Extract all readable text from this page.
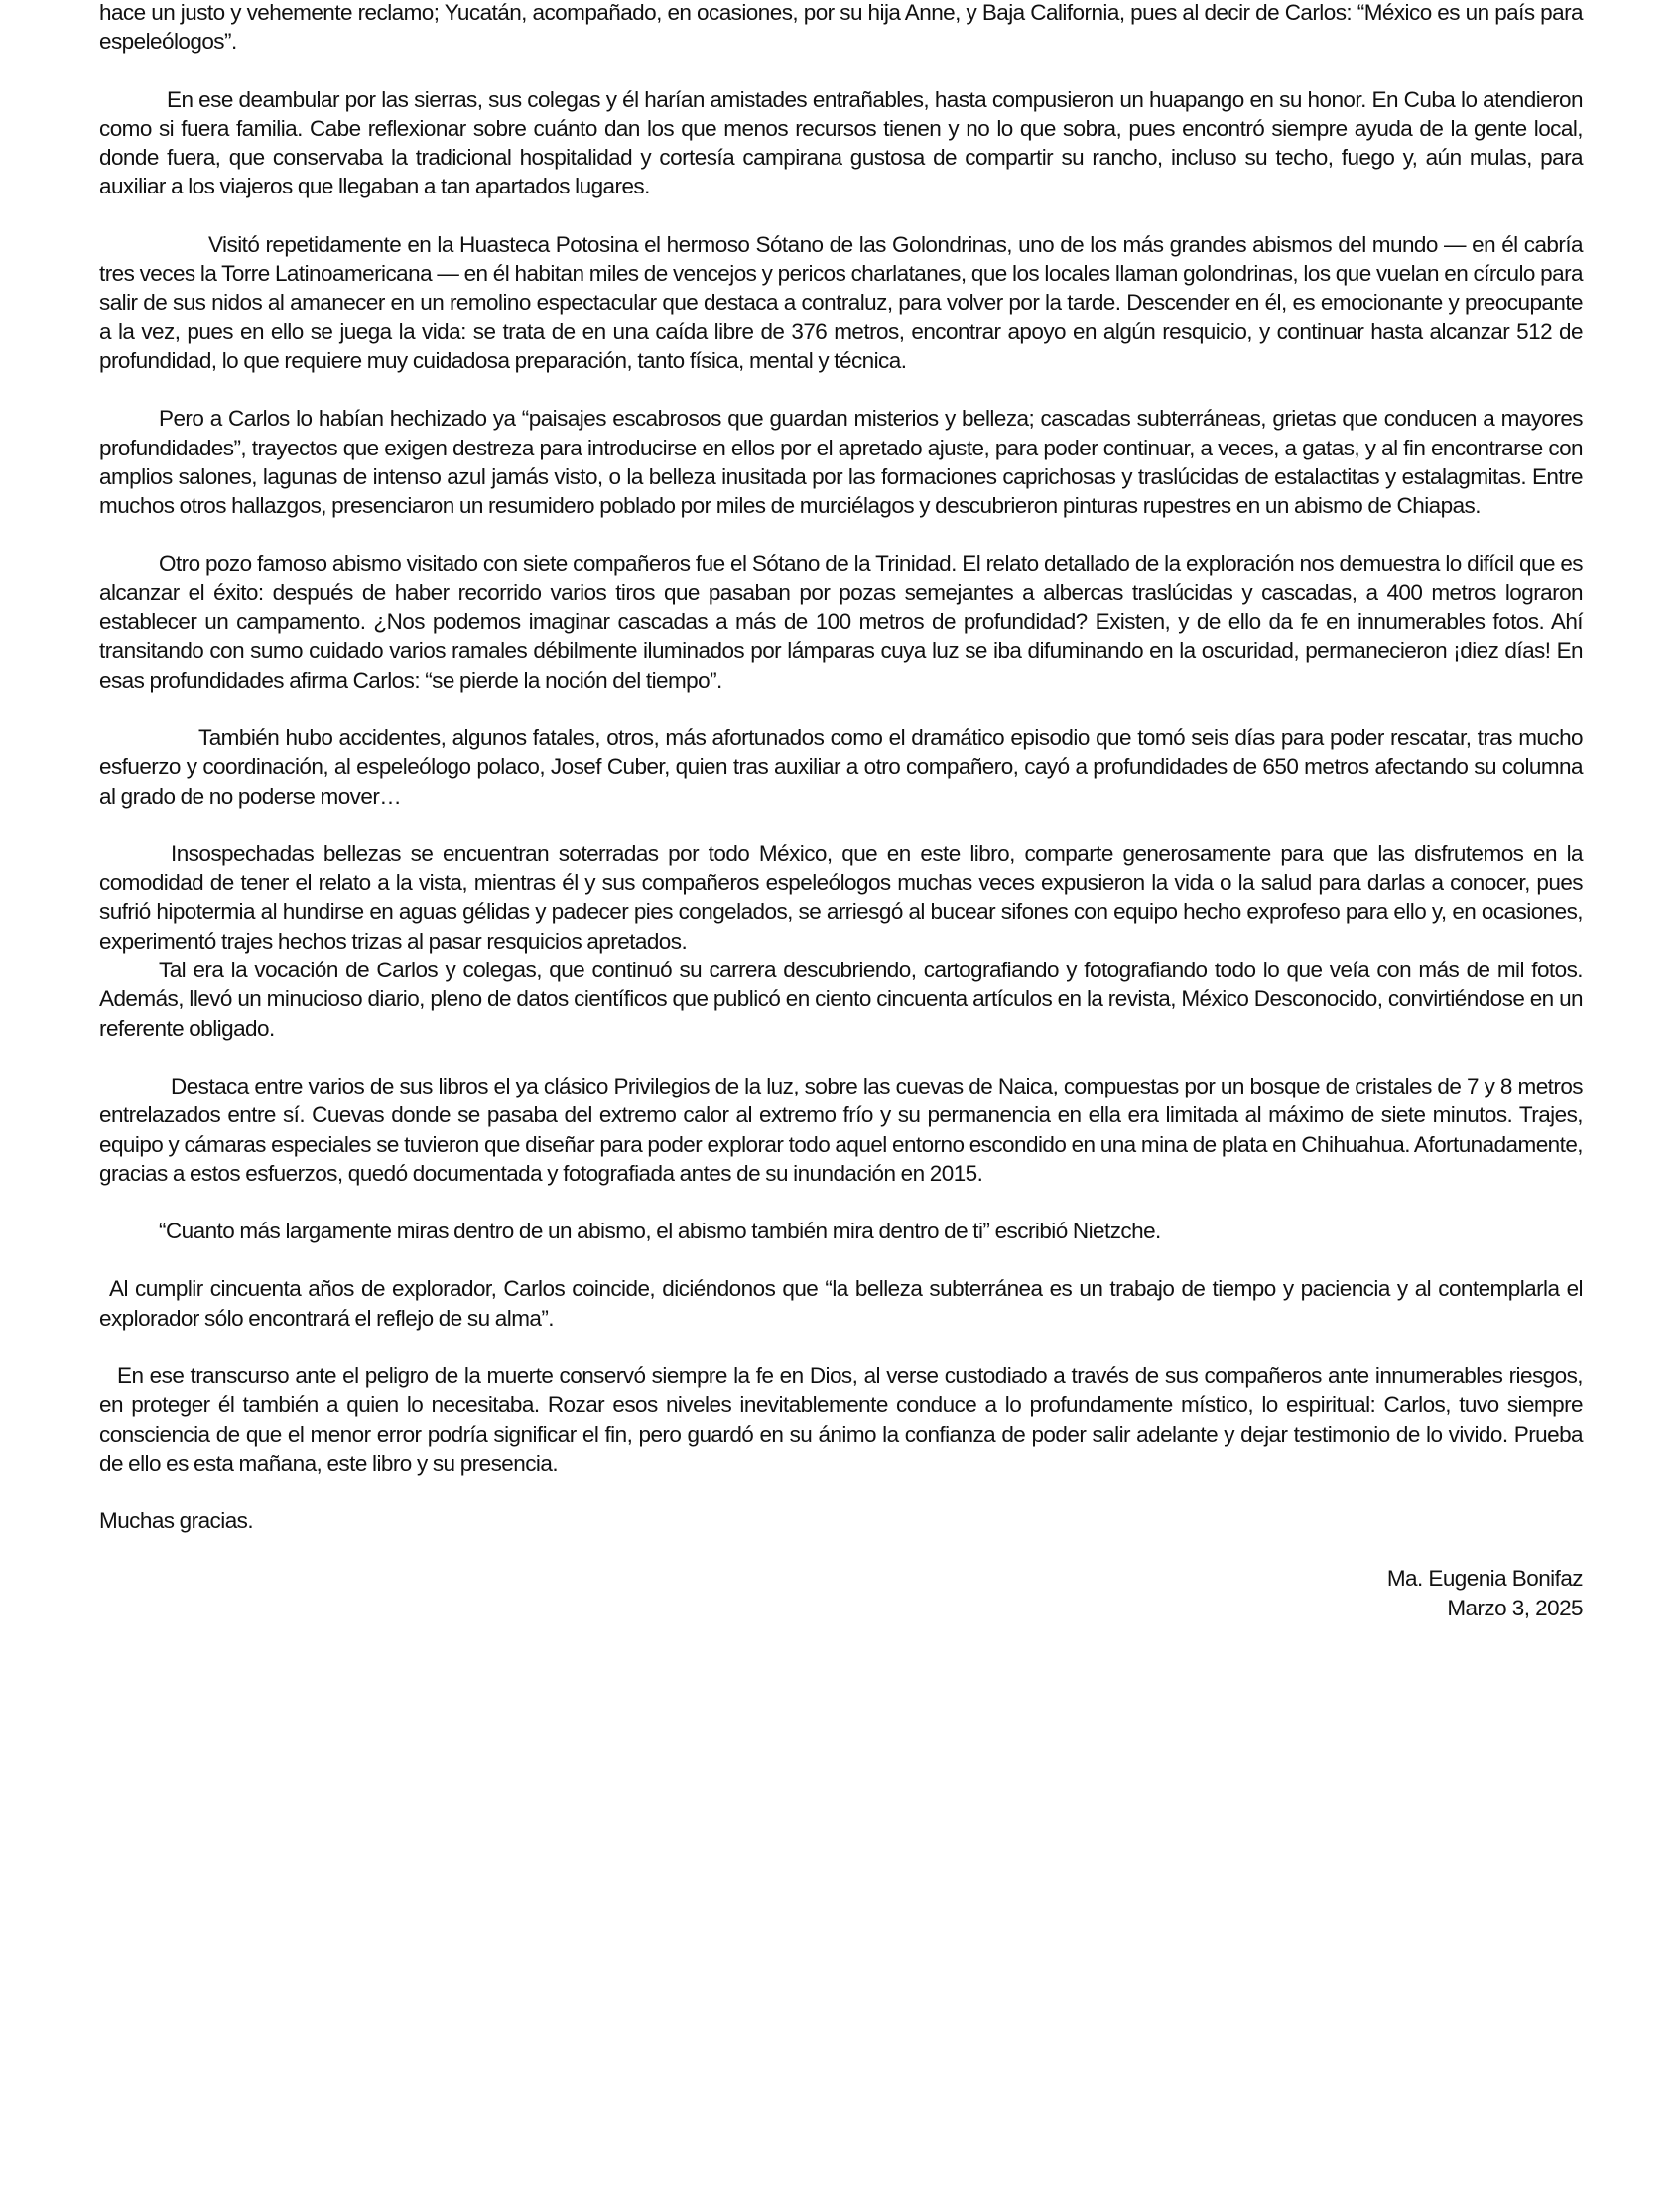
hace un justo y vehemente reclamo; Yucatán, acompañado, en ocasiones, por su hija Anne, y Baja California, pues al decir de Carlos: “México es un país para espeleólogos”.

En ese deambular por las sierras, sus colegas y él harían amistades entrañables, hasta compusieron un huapango en su honor. En Cuba lo atendieron como si fuera familia. Cabe reflexionar sobre cuánto dan los que menos recursos tienen y no lo que sobra, pues encontró siempre ayuda de la gente local, donde fuera, que conservaba la tradicional hospitalidad y cortesía campirana gustosa de compartir su rancho, incluso su techo, fuego y, aún mulas, para auxiliar a los viajeros que llegaban a tan apartados lugares.

Visitó repetidamente en la Huasteca Potosina el hermoso Sótano de las Golondrinas, uno de los más grandes abismos del mundo — en él cabría tres veces la Torre Latinoamericana — en él habitan miles de vencejos y pericos charlatanes, que los locales llaman golondrinas, los que vuelan en círculo para salir de sus nidos al amanecer en un remolino espectacular que destaca a contraluz, para volver por la tarde. Descender en él, es emocionante y preocupante a la vez, pues en ello se juega la vida: se trata de en una caída libre de 376 metros, encontrar apoyo en algún resquicio, y continuar hasta alcanzar 512 de profundidad, lo que requiere muy cuidadosa preparación, tanto física, mental y técnica.

Pero a Carlos lo habían hechizado ya “paisajes escabrosos que guardan misterios y belleza; cascadas subterráneas, grietas que conducen a mayores profundidades”, trayectos que exigen destreza para introducirse en ellos por el apretado ajuste, para poder continuar, a veces, a gatas, y al fin encontrarse con amplios salones, lagunas de intenso azul jamás visto, o la belleza inusitada por las formaciones caprichosas y traslúcidas de estalactitas y estalagmitas. Entre muchos otros hallazgos, presenciaron un resumidero poblado por miles de murciélagos y descubrieron pinturas rupestres en un abismo de Chiapas.

Otro pozo famoso abismo visitado con siete compañeros fue el Sótano de la Trinidad. El relato detallado de la exploración nos demuestra lo difícil que es alcanzar el éxito: después de haber recorrido varios tiros que pasaban por pozas semejantes a albercas traslúcidas y cascadas, a 400 metros lograron establecer un campamento. ¿Nos podemos imaginar cascadas a más de 100 metros de profundidad? Existen, y de ello da fe en innumerables fotos. Ahí transitando con sumo cuidado varios ramales débilmente iluminados por lámparas cuya luz se iba difuminando en la oscuridad, permanecieron ¡diez días! En esas profundidades afirma Carlos: “se pierde la noción del tiempo”.

También hubo accidentes, algunos fatales, otros, más afortunados como el dramático episodio que tomó seis días para poder rescatar, tras mucho esfuerzo y coordinación, al espeleólogo polaco, Josef Cuber, quien tras auxiliar a otro compañero, cayó a profundidades de 650 metros afectando su columna al grado de no poderse mover…

Insospechadas bellezas se encuentran soterradas por todo México, que en este libro, comparte generosamente para que las disfrutemos en la comodidad de tener el relato a la vista, mientras él y sus compañeros espeleólogos muchas veces expusieron la vida o la salud para darlas a conocer, pues sufrió hipotermia al hundirse en aguas gélidas y padecer pies congelados, se arriesgó al bucear sifones con equipo hecho exprofeso para ello y, en ocasiones, experimentó trajes hechos trizas al pasar resquicios apretados.

Tal era la vocación de Carlos y colegas, que continuó su carrera descubriendo, cartografiando y fotografiando todo lo que veía con más de mil fotos. Además, llevó un minucioso diario, pleno de datos científicos que publicó en ciento cincuenta artículos en la revista, México Desconocido, convirtiéndose en un referente obligado.

Destaca entre varios de sus libros el ya clásico Privilegios de la luz, sobre las cuevas de Naica, compuestas por un bosque de cristales de 7 y 8 metros entrelazados entre sí. Cuevas donde se pasaba del extremo calor al extremo frío y su permanencia en ella era limitada al máximo de siete minutos. Trajes, equipo y cámaras especiales se tuvieron que diseñar para poder explorar todo aquel entorno escondido en una mina de plata en Chihuahua. Afortunadamente, gracias a estos esfuerzos, quedó documentada y fotografiada antes de su inundación en 2015.

“Cuanto más largamente miras dentro de un abismo, el abismo también mira dentro de ti” escribió Nietzche.

Al cumplir cincuenta años de explorador, Carlos coincide, diciéndonos que “la belleza subterránea es un trabajo de tiempo y paciencia y al contemplarla el explorador sólo encontrará el reflejo de su alma”.

En ese transcurso ante el peligro de la muerte conservó siempre la fe en Dios, al verse custodiado a través de sus compañeros ante innumerables riesgos, en proteger él también a quien lo necesitaba. Rozar esos niveles inevitablemente conduce a lo profundamente místico, lo espiritual: Carlos, tuvo siempre consciencia de que el menor error podría significar el fin, pero guardó en su ánimo la confianza de poder salir adelante y dejar testimonio de lo vivido. Prueba de ello es esta mañana, este libro y su presencia.

Muchas gracias.

Ma. Eugenia Bonifaz
Marzo 3, 2025
